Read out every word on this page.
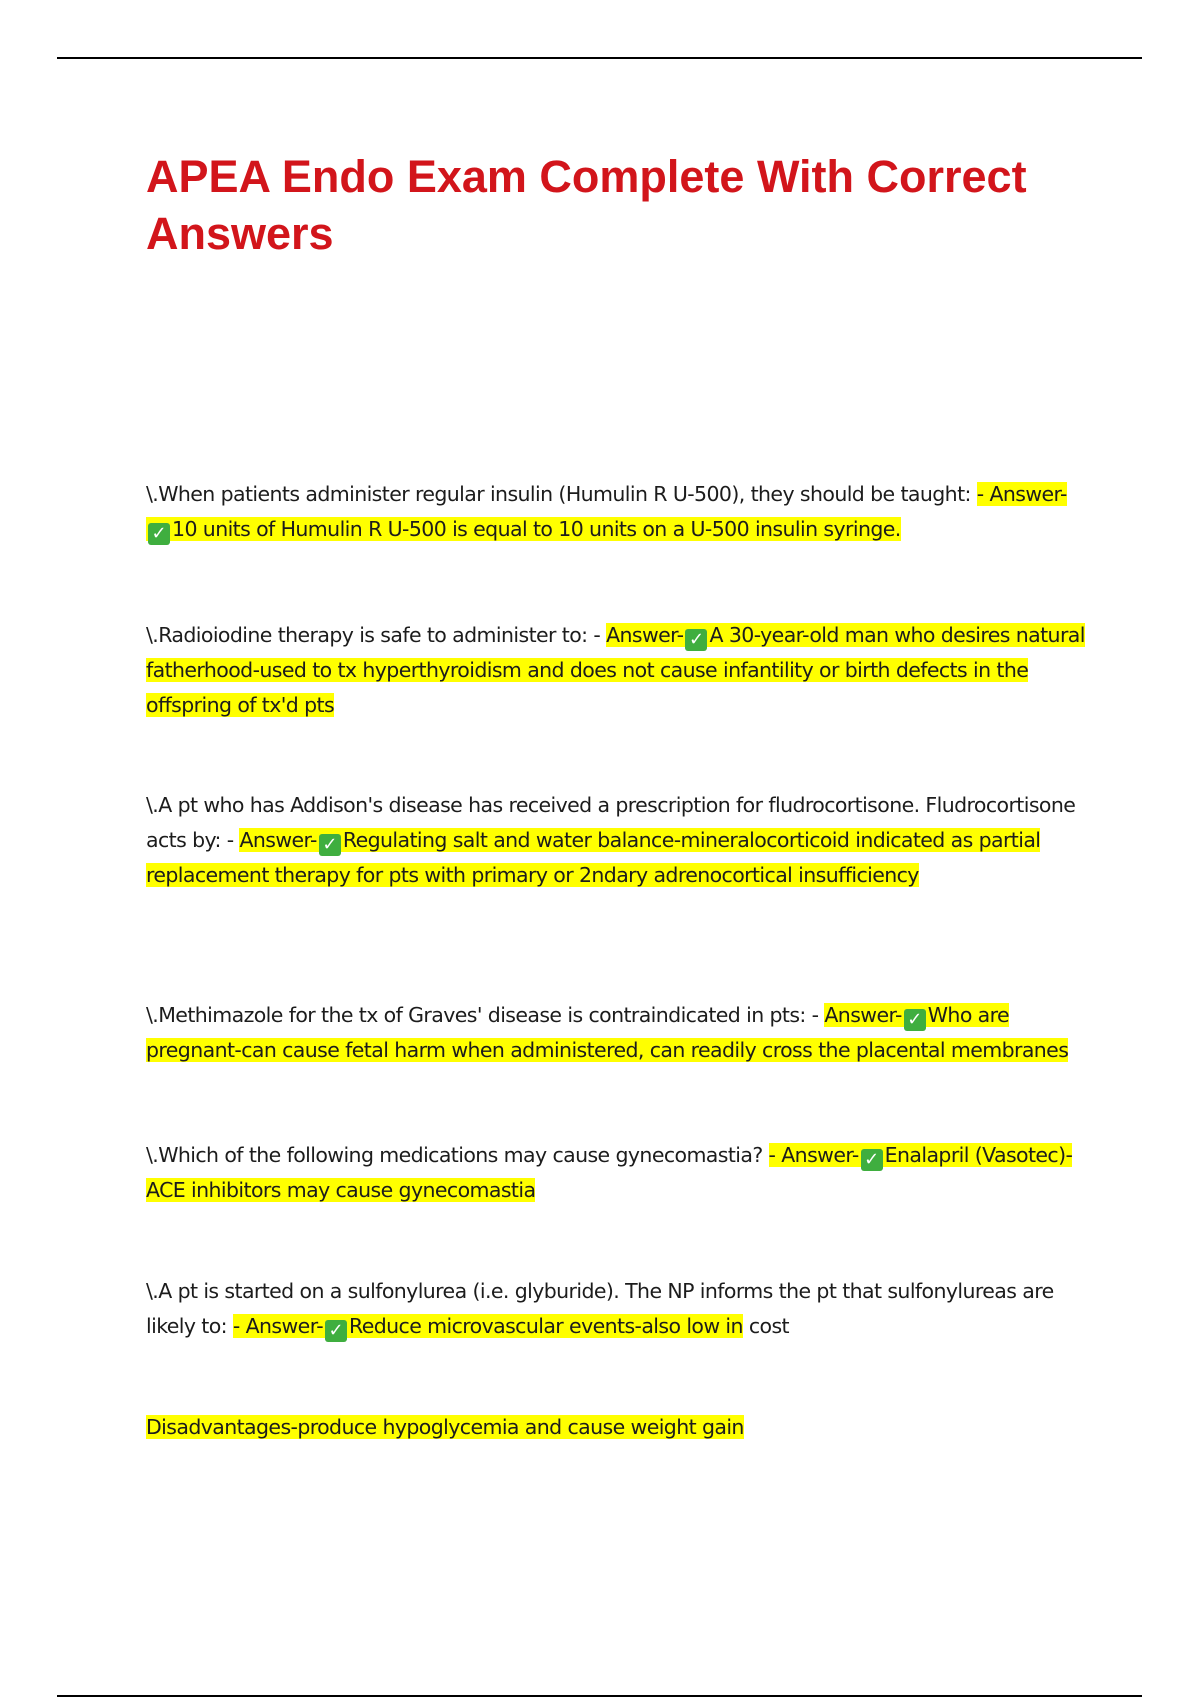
APEA Endo Exam Complete With Correct Answers

\.When patients administer regular insulin (Humulin R U-500), they should be taught: - Answer-✓ 10 units of Humulin R U-500 is equal to 10 units on a U-500 insulin syringe.

\.Radioiodine therapy is safe to administer to: - Answer- ✓ A 30-year-old man who desires natural fatherhood-used to tx hyperthyroidism and does not cause infantility or birth defects in the offspring of tx'd pts

\.A pt who has Addison's disease has received a prescription for fludrocortisone. Fludrocortisone acts by: - Answer- ✓ Regulating salt and water balance-mineralocorticoid indicated as partial replacement therapy for pts with primary or 2ndary adrenocortical insufficiency

\.Methimazole for the tx of Graves' disease is contraindicated in pts: - Answer- ✓ Who are pregnant-can cause fetal harm when administered, can readily cross the placental membranes

\.Which of the following medications may cause gynecomastia? - Answer- ✓ Enalapril (Vasotec)-ACE inhibitors may cause gynecomastia

\.A pt is started on a sulfonylurea (i.e. glyburide). The NP informs the pt that sulfonylureas are likely to: - Answer- ✓ Reduce microvascular events-also low in cost

Disadvantages-produce hypoglycemia and cause weight gain
